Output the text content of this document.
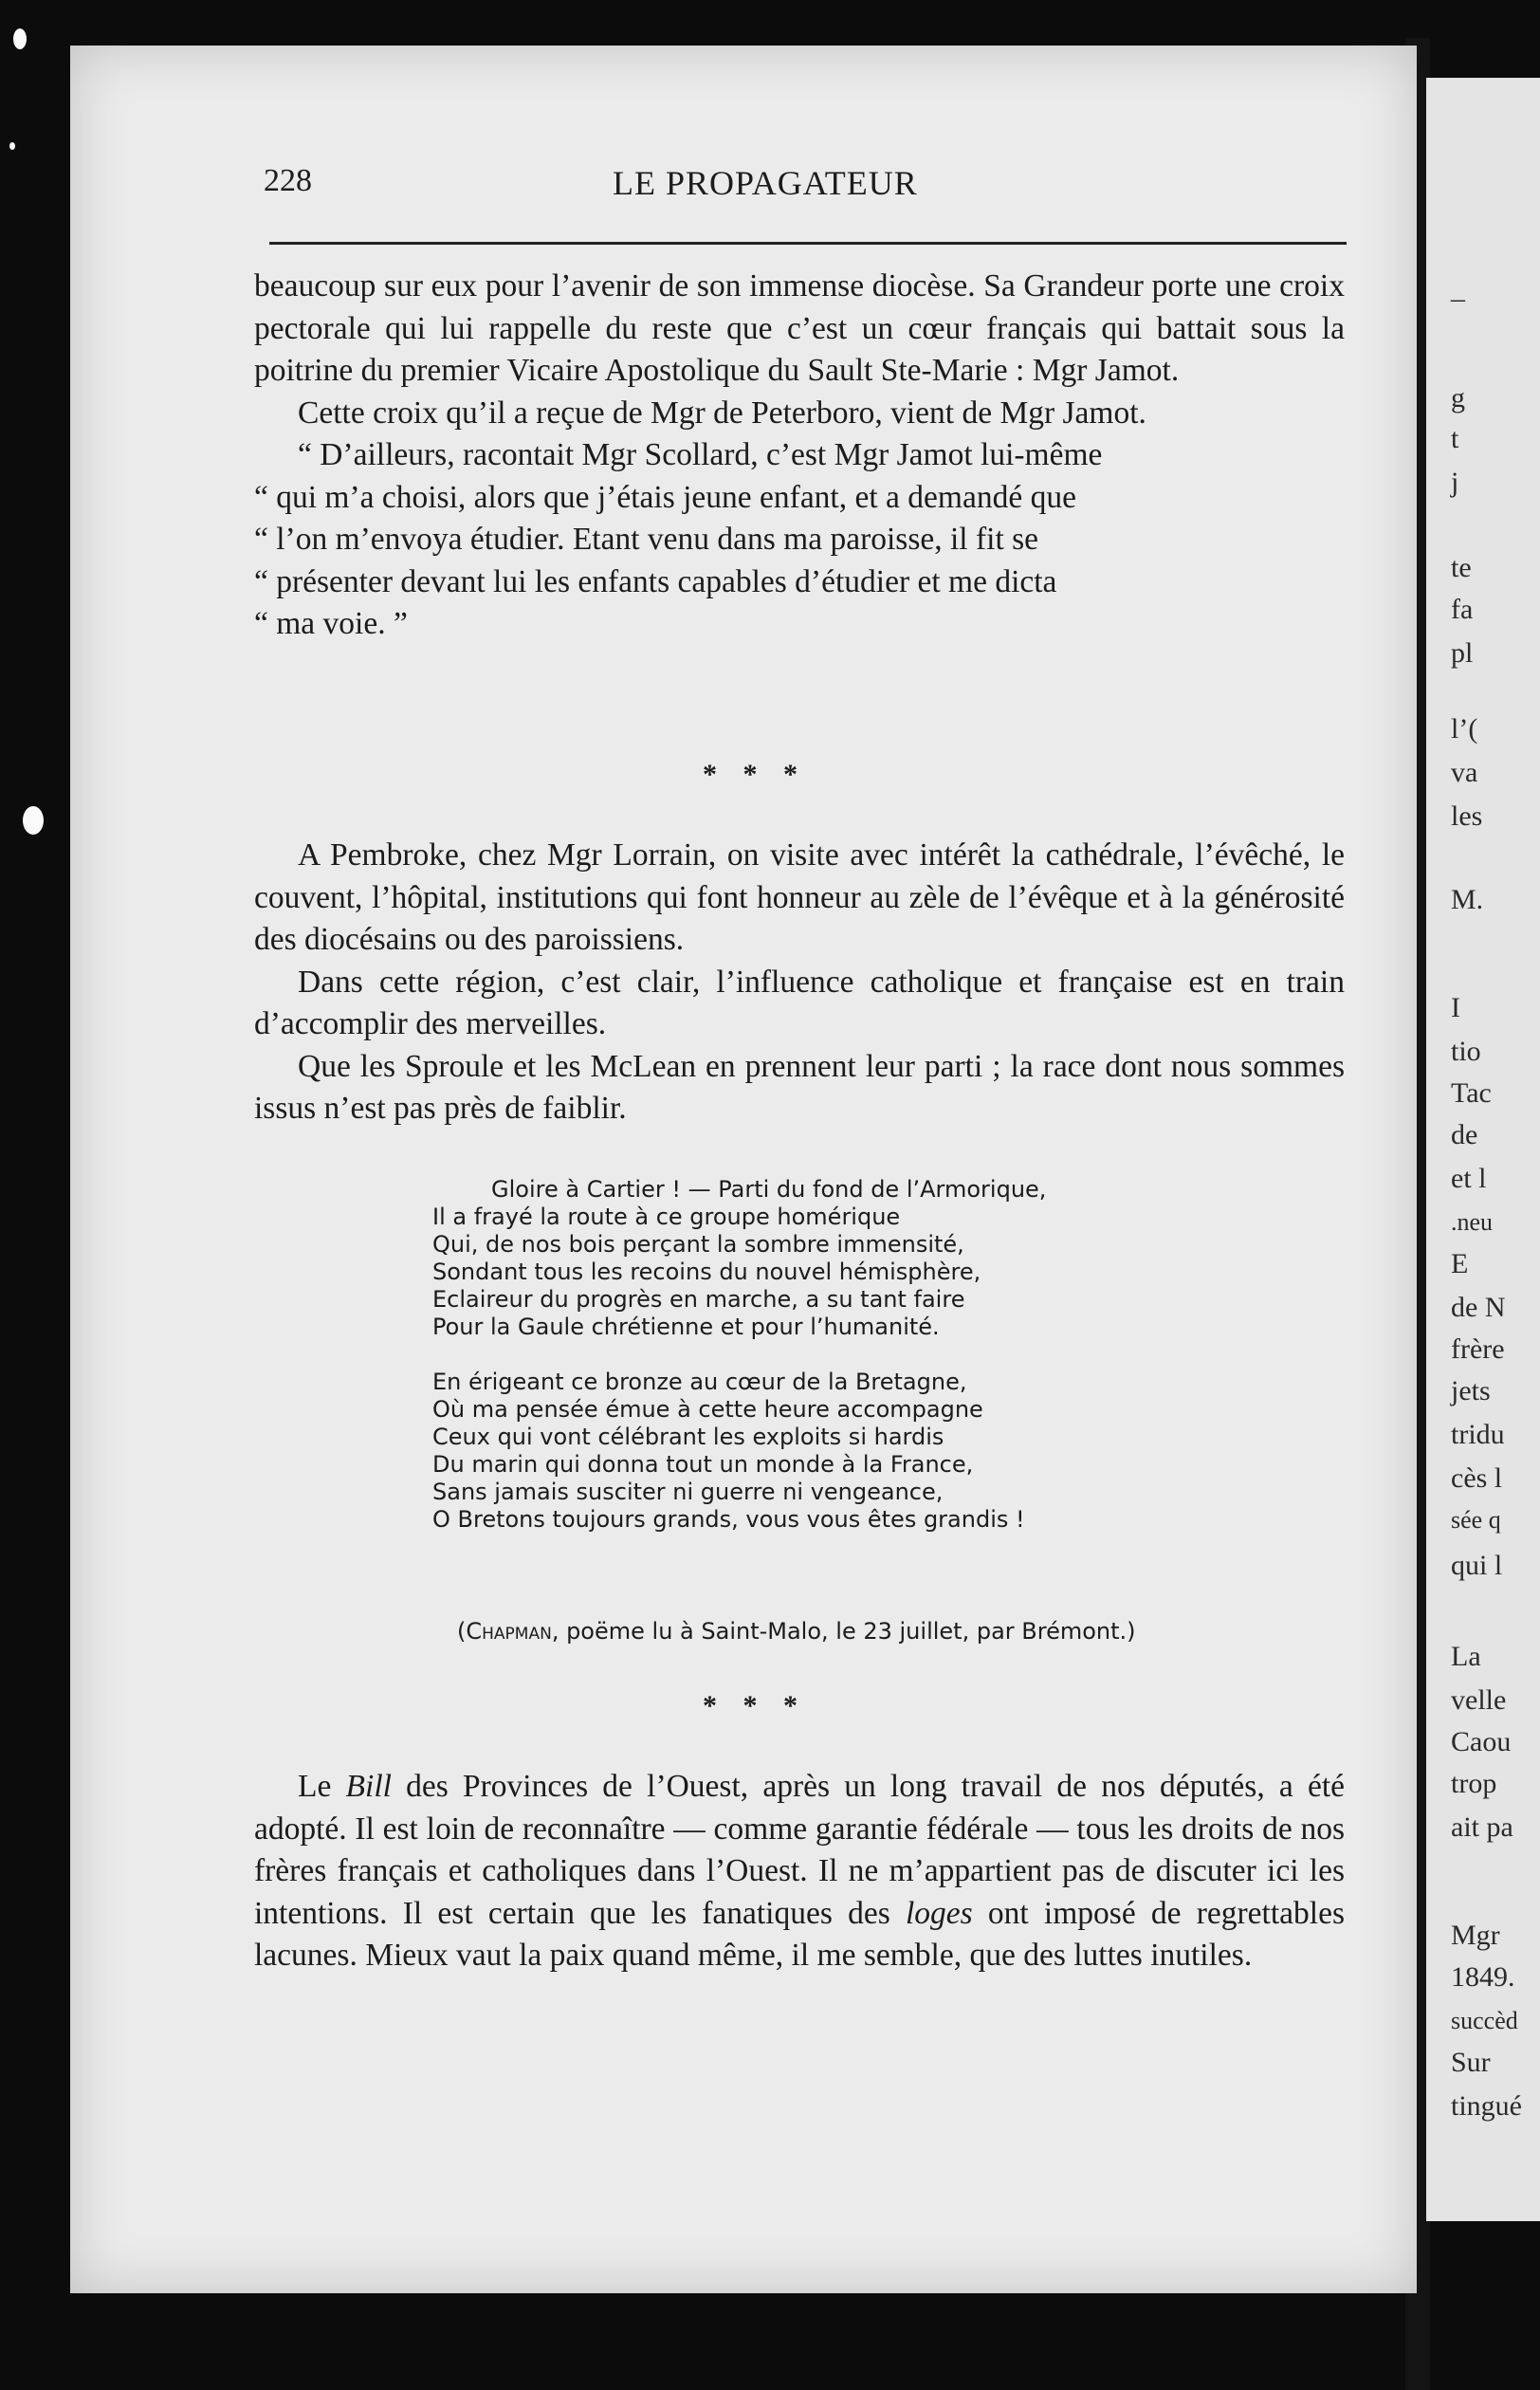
228	LE PROPAGATEUR

beaucoup sur eux pour l’avenir de son immense diocèse. Sa Grandeur porte une croix pectorale qui lui rappelle du reste que c’est un cœur français qui battait sous la poitrine du premier Vicaire Apostolique du Sault Ste-Marie : Mgr Jamot.

Cette croix qu’il a reçue de Mgr de Peterboro, vient de Mgr Jamot.

“ D’ailleurs, racontait Mgr Scollard, c’est Mgr Jamot lui-même
“ qui m’a choisi, alors que j’étais jeune enfant, et a demandé que
“ l’on m’envoya étudier. Etant venu dans ma paroisse, il fit se
“ présenter devant lui les enfants capables d’étudier et me dicta
“ ma voie. ”
* * *

A Pembroke, chez Mgr Lorrain, on visite avec intérêt la cathédrale, l’évêché, le couvent, l’hôpital, institutions qui font honneur au zèle de l’évêque et à la générosité des diocésains ou des paroissiens.

Dans cette région, c’est clair, l’influence catholique et française est en train d’accomplir des merveilles.

Que les Sproule et les McLean en prennent leur parti ; la race dont nous sommes issus n’est pas près de faiblir.

Gloire à Cartier ! — Parti du fond de l’Armorique,
Il a frayé la route à ce groupe homérique
Qui, de nos bois perçant la sombre immensité,
Sondant tous les recoins du nouvel hémisphère,
Eclaireur du progrès en marche, a su tant faire
Pour la Gaule chrétienne et pour l’humanité.
En érigeant ce bronze au cœur de la Bretagne,
Où ma pensée émue à cette heure accompagne
Ceux qui vont célébrant les exploits si hardis
Du marin qui donna tout un monde à la France,
Sans jamais susciter ni guerre ni vengeance,
O Bretons toujours grands, vous vous êtes grandis !
(Chapman, poëme lu à Saint-Malo, le 23 juillet, par Brémont.)
* * *

Le Bill des Provinces de l’Ouest, après un long travail de nos députés, a été adopté. Il est loin de reconnaître — comme garantie fédérale — tous les droits de nos frères français et catholiques dans l’Ouest. Il ne m’appartient pas de discuter ici les intentions. Il est certain que les fanatiques des loges ont imposé de regrettables lacunes. Mieux vaut la paix quand même, il me semble, que des luttes inutiles.

–
g
t
j
te
fa
pl
l’(
va
les
M.
I
tio
Tac
de
et l
.neu
E
de N
frère
jets
tridu
cès l
sée q
qui l
La
velle
Caou
trop
ait pa
Mgr
1849.
succèd
Sur
tingué
